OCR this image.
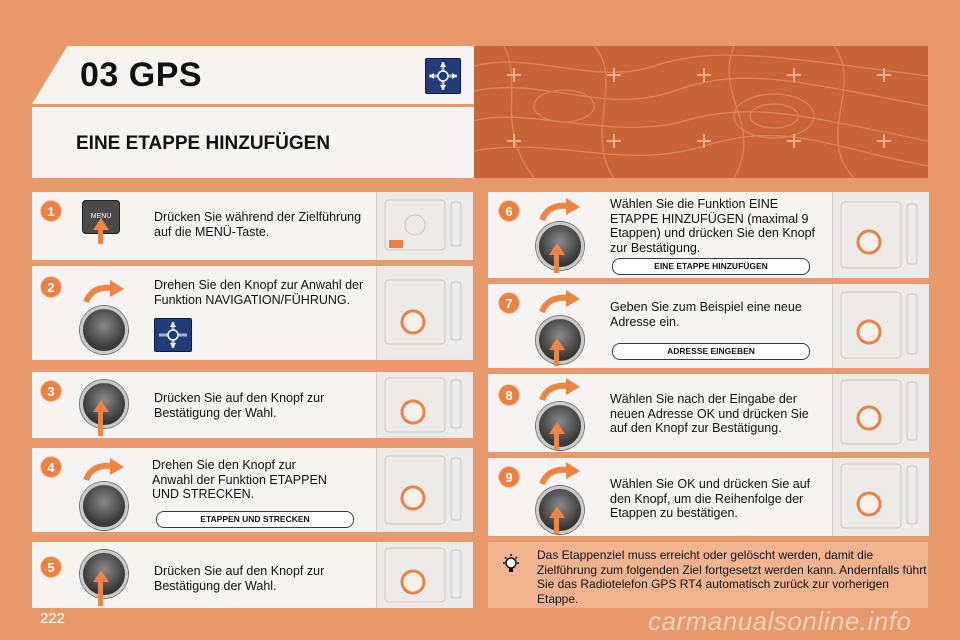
03 GPS
EINE ETAPPE HINZUFÜGEN
1
2
3
4
5
6
7
8
9
MENU	Drücken Sie während der Zielführung auf die MENÜ-Taste.
Drehen Sie den Knopf zur Anwahl der Funktion NAVIGATION/FÜHRUNG.
Drücken Sie auf den Knopf zur Bestätigung der Wahl.
Drehen Sie den Knopf zur Anwahl der Funktion ETAPPEN UND STRECKEN.
Drücken Sie auf den Knopf zur Bestätigung der Wahl.
Wählen Sie die Funktion EINE ETAPPE HINZUFÜGEN (maximal 9 Etappen) und drücken Sie den Knopf zur Bestätigung.
Geben Sie zum Beispiel eine neue Adresse ein.
Wählen Sie nach der Eingabe der neuen Adresse OK und drücken Sie auf den Knopf zur Bestätigung.
Wählen Sie OK und drücken Sie auf den Knopf, um die Reihenfolge der Etappen zu bestätigen.
ETAPPEN UND STRECKEN
EINE ETAPPE HINZUFÜGEN
ADRESSE EINGEBEN
Das Etappenziel muss erreicht oder gelöscht werden, damit die Zielführung zum folgenden Ziel fortgesetzt werden kann. Andernfalls führt Sie das Radiotelefon GPS RT4 automatisch zurück zur vorherigen Etappe.
222	carmanualsonline.info
